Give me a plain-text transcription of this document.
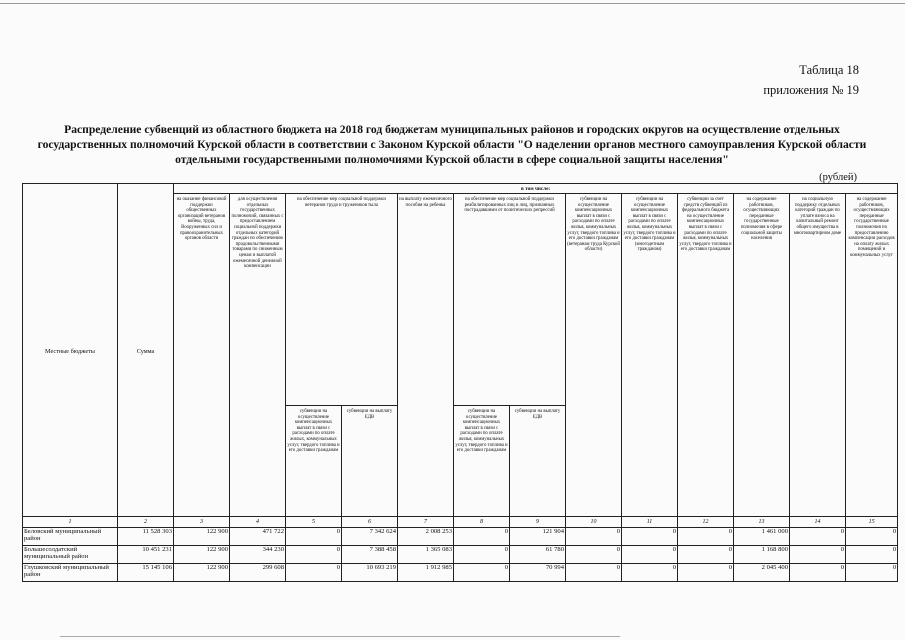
Таблица 18
приложения № 19
Распределение субвенций из областного бюджета на 2018 год бюджетам муниципальных районов и городских округов на осуществление отдельных государственных полномочий Курской области в соответствии с Законом Курской области "О наделении органов местного самоуправления Курской области отдельными государственными полномочиями Курской области в сфере социальной защиты населения"
(рублей)
Местные бюджеты	Сумма	в том числе:												
		на оказание финансовой поддержки общественных организаций ветеранов войны, труда, Вооруженных сил и правоохранительных органов области	для осуществления отдельных государственных полномочий, связанных с предоставлением социальной поддержки отдельных категорий граждан по обеспечению продовольственными товарами по сниженным ценам и выплатой ежемесячной денежной компенсации	на обеспечение мер социальной поддержки ветеранов труда и тружеников тыла		на выплату ежемесячного пособия на ребенка	на обеспечение мер социальной поддержки реабилитированных лиц и лиц, признанных пострадавшими от политических репрессий		субвенции на осуществление компенсационных выплат в связи с расходами по оплате жилья, коммунальных услуг, твердого топлива и его доставки гражданам (ветеранам труда Курской области)	субвенции на осуществление компенсационных выплат в связи с расходами по оплате жилья, коммунальных услуг, твердого топлива и его доставки гражданам (многодетным гражданам)	субвенции за счет средств субвенций из федерального бюджета на осуществление компенсационных выплат в связи с расходами по оплате жилья, коммунальных услуг, твердого топлива и его доставки гражданам	на содержание работников, осуществляющих переданные государственные полномочия в сфере социальной защиты населения	на социальную поддержку отдельных категорий граждан по уплате взноса на капитальный ремонт общего имущества в многоквартирном доме	на содержание работников, осуществляющих переданные государственные полномочия по предоставлению компенсации расходов на оплату жилых помещений и коммунальных услуг
				субвенции на осуществление компенсационных выплат в связи с расходами по оплате жилых, коммунальных услуг, твердого топлива и его доставки гражданам	субвенции на выплату ЕДВ		субвенции на осуществление компенсационных выплат в связи с расходами по оплате жилья, коммунальных услуг, твердого топлива и его доставки гражданам	субвенции на выплату ЕДВ						
1	2	3	4	5	6	7	8	9	10	11	12	13	14	15
Беловский муниципальный район	11 528 303	122 900	471 722	0	7 342 624	2 008 253	0	121 904	0	0	0	1 461 000	0	0
Большесолдатский муниципальный район	10 451 231	122 900	344 230	0	7 388 458	1 365 083	0	61 780	0	0	0	1 168 800	0	0
Глушковский муниципальный район	15 145 106	122 900	299 608	0	10 693 219	1 912 985	0	70 994	0	0	0	2 045 400	0	0
